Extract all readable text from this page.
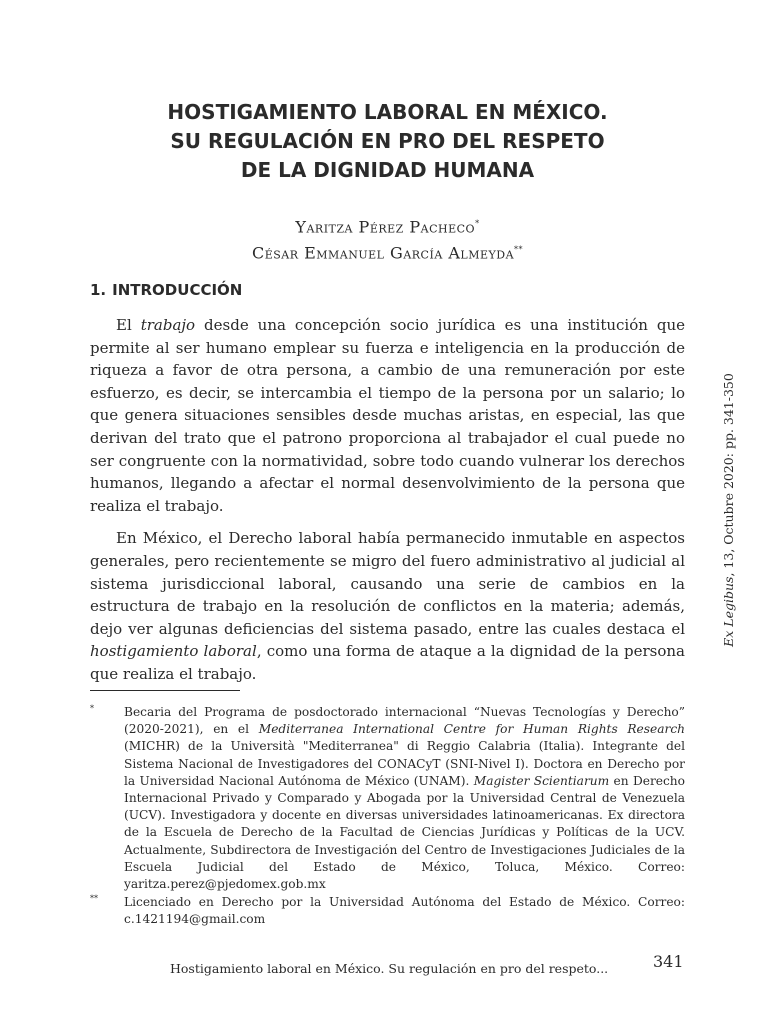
HOSTIGAMIENTO LABORAL EN MÉXICO.
SU REGULACIÓN EN PRO DEL RESPETO
DE LA DIGNIDAD HUMANA
Yaritza Pérez Pacheco*
César Emmanuel García Almeyda**
1. INTRODUCCIÓN

El trabajo desde una concepción socio jurídica es una institución que permite al ser humano emplear su fuerza e inteligencia en la producción de riqueza a favor de otra persona, a cambio de una remuneración por este esfuerzo, es decir, se intercambia el tiempo de la persona por un salario; lo que genera situaciones sensibles desde muchas aristas, en especial, las que derivan del trato que el patrono proporciona al trabajador el cual puede no ser congruente con la normatividad, sobre todo cuando vulnerar los derechos humanos, llegando a afectar el normal desenvolvimiento de la persona que realiza el trabajo.

En México, el Derecho laboral había permanecido inmutable en aspectos generales, pero recientemente se migro del fuero administrativo al judicial al sistema jurisdiccional laboral, causando una serie de cambios en la estructura de trabajo en la resolución de conflictos en la materia; además, dejo ver algunas deficiencias del sistema pasado, entre las cuales destaca el hostigamiento laboral, como una forma de ataque a la dignidad de la persona que realiza el trabajo.

* Becaria del Programa de posdoctorado internacional “Nuevas Tecnologías y Derecho” (2020-2021), en el Mediterranea International Centre for Human Rights Research (MICHR) de la Università "Mediterranea" di Reggio Calabria (Italia). Integrante del Sistema Nacional de Investigadores del CONACyT (SNI-Nivel I). Doctora en Derecho por la Universidad Nacional Autónoma de México (UNAM). Magister Scientiarum en Derecho Internacional Privado y Comparado y Abogada por la Universidad Central de Venezuela (UCV). Investigadora y docente en diversas universidades latinoamericanas. Ex directora de la Escuela de Derecho de la Facultad de Ciencias Jurídicas y Políticas de la UCV. Actualmente, Subdirectora de Investigación del Centro de Investigaciones Judiciales de la Escuela Judicial del Estado de México, Toluca, México. Correo: yaritza.perez@pjedomex.gob.mx
** Licenciado en Derecho por la Universidad Autónoma del Estado de México. Correo: c.1421194@gmail.com
Hostigamiento laboral en México. Su regulación en pro del respeto...	341
Ex Legibus, 13, Octubre 2020: pp. 341-350
